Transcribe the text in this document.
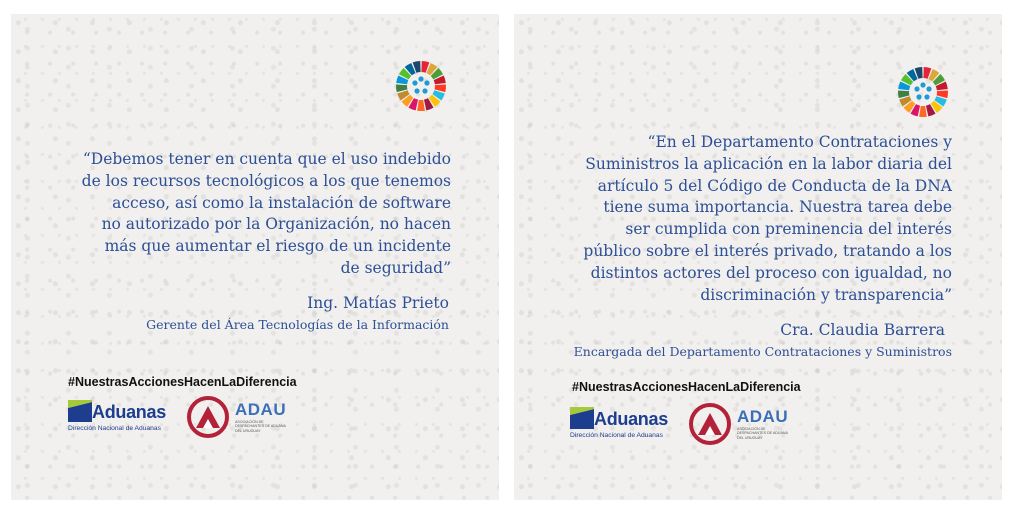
“Debemos tener en cuenta que el uso indebido
de los recursos tecnológicos a los que tenemos
acceso, así como la instalación de software
no autorizado por la Organización, no hacen
más que aumentar el riesgo de un incidente
de seguridad”

Ing. Matías Prieto

Gerente del Área Tecnologías de la Información

#NuestrasAccionesHacenLaDiferencia

Aduanas
Dirección Nacional de Aduanas
ADAU
ASOCIACIÓN DE DESPACHANTES DE ADUANA DEL URUGUAY

“En el Departamento Contrataciones y
Suministros la aplicación en la labor diaria del
artículo 5 del Código de Conducta de la DNA
tiene suma importancia. Nuestra tarea debe
ser cumplida con preminencia del interés
público sobre el interés privado, tratando a los
distintos actores del proceso con igualdad, no
discriminación y transparencia”

Cra. Claudia Barrera

Encargada del Departamento Contrataciones y Suministros

#NuestrasAccionesHacenLaDiferencia

Aduanas
Dirección Nacional de Aduanas
ADAU
ASOCIACIÓN DE DESPACHANTES DE ADUANA DEL URUGUAY
